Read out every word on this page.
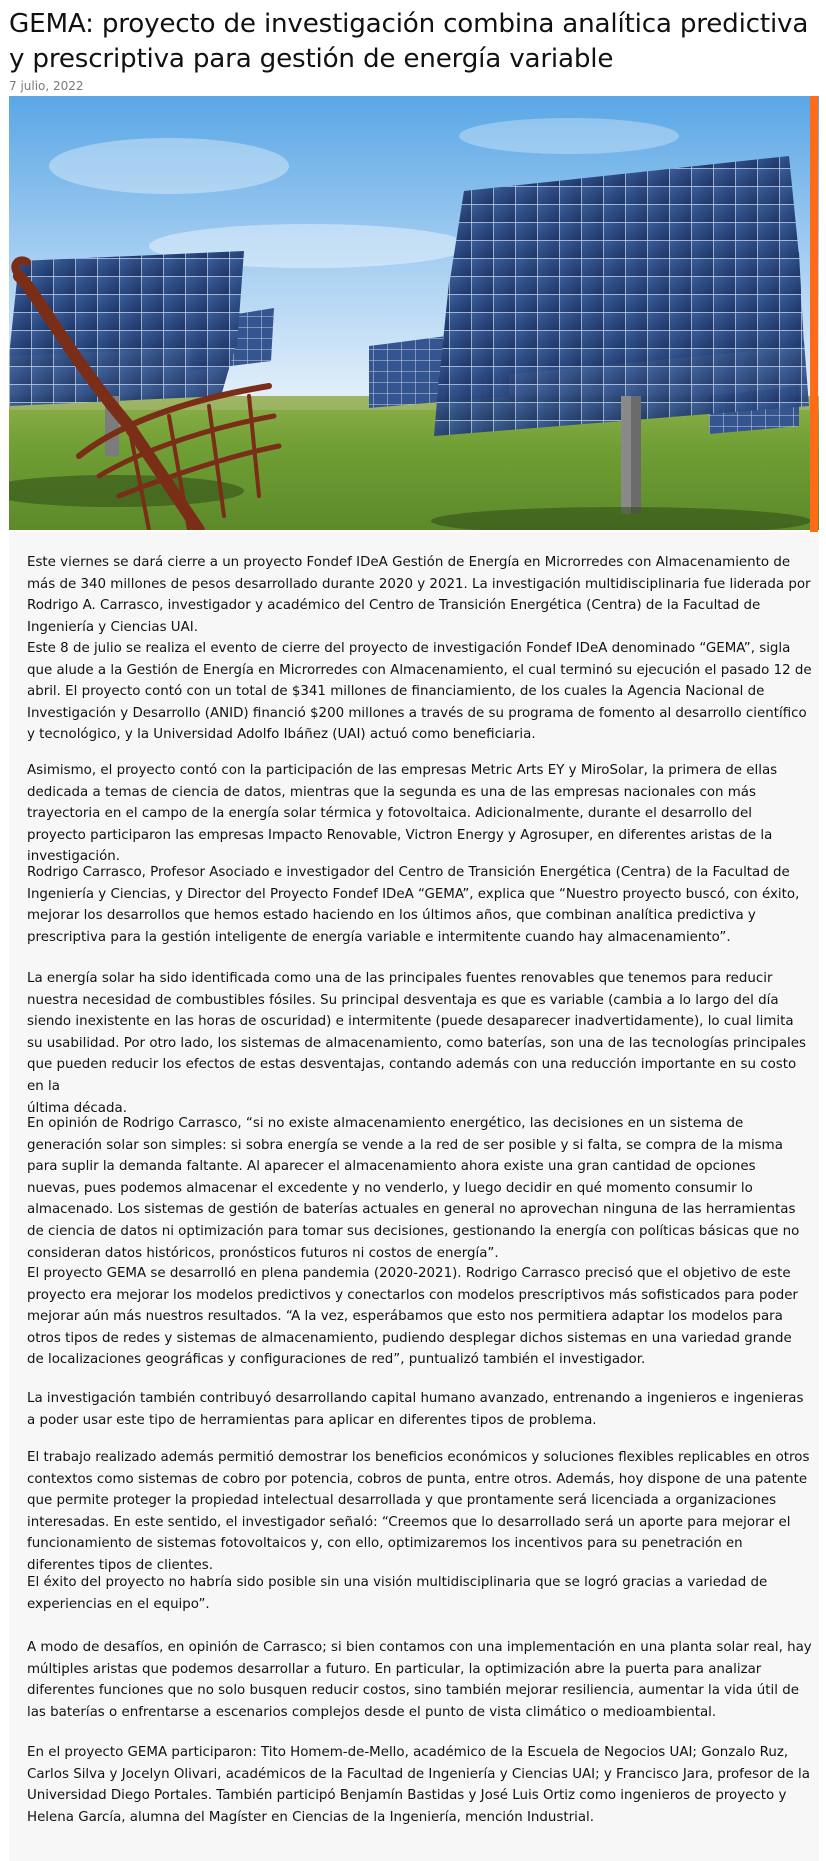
GEMA: proyecto de investigación combina analítica predictiva y prescriptiva para gestión de energía variable
7 julio, 2022

Este viernes se dará cierre a un proyecto Fondef IDeA Gestión de Energía en Microrredes con Almacenamiento de más de 340 millones de pesos desarrollado durante 2020 y 2021. La investigación multidisciplinaria fue liderada por Rodrigo A. Carrasco, investigador y académico del Centro de Transición Energética (Centra) de la Facultad de Ingeniería y Ciencias UAI.

Este 8 de julio se realiza el evento de cierre del proyecto de investigación Fondef IDeA denominado “GEMA”, sigla que alude a la Gestión de Energía en Microrredes con Almacenamiento, el cual terminó su ejecución el pasado 12 de abril. El proyecto contó con un total de $341 millones de financiamiento, de los cuales la Agencia Nacional de Investigación y Desarrollo (ANID) financió $200 millones a través de su programa de fomento al desarrollo científico y tecnológico, y la Universidad Adolfo Ibáñez (UAI) actuó como beneficiaria.

Asimismo, el proyecto contó con la participación de las empresas Metric Arts EY y MiroSolar, la primera de ellas dedicada a temas de ciencia de datos, mientras que la segunda es una de las empresas nacionales con más trayectoria en el campo de la energía solar térmica y fotovoltaica. Adicionalmente, durante el desarrollo del proyecto participaron las empresas Impacto Renovable, Victron Energy y Agrosuper, en diferentes aristas de la investigación.

Rodrigo Carrasco, Profesor Asociado e investigador del Centro de Transición Energética (Centra) de la Facultad de Ingeniería y Ciencias, y Director del Proyecto Fondef IDeA “GEMA”, explica que “Nuestro proyecto buscó, con éxito, mejorar los desarrollos que hemos estado haciendo en los últimos años, que combinan analítica predictiva y prescriptiva para la gestión inteligente de energía variable e intermitente cuando hay almacenamiento”.

La energía solar ha sido identificada como una de las principales fuentes renovables que tenemos para reducir nuestra necesidad de combustibles fósiles. Su principal desventaja es que es variable (cambia a lo largo del día siendo inexistente en las horas de oscuridad) e intermitente (puede desaparecer inadvertidamente), lo cual limita su usabilidad. Por otro lado, los sistemas de almacenamiento, como baterías, son una de las tecnologías principales que pueden reducir los efectos de estas desventajas, contando además con una reducción importante en su costo en la
última década.

En opinión de Rodrigo Carrasco, “si no existe almacenamiento energético, las decisiones en un sistema de generación solar son simples: si sobra energía se vende a la red de ser posible y si falta, se compra de la misma para suplir la demanda faltante. Al aparecer el almacenamiento ahora existe una gran cantidad de opciones nuevas, pues podemos almacenar el excedente y no venderlo, y luego decidir en qué momento consumir lo almacenado. Los sistemas de gestión de baterías actuales en general no aprovechan ninguna de las herramientas de ciencia de datos ni optimización para tomar sus decisiones, gestionando la energía con políticas básicas que no consideran datos históricos, pronósticos futuros ni costos de energía”.

El proyecto GEMA se desarrolló en plena pandemia (2020-2021). Rodrigo Carrasco precisó que el objetivo de este proyecto era mejorar los modelos predictivos y conectarlos con modelos prescriptivos más sofisticados para poder mejorar aún más nuestros resultados. “A la vez, esperábamos que esto nos permitiera adaptar los modelos para otros tipos de redes y sistemas de almacenamiento, pudiendo desplegar dichos sistemas en una variedad grande de localizaciones geográficas y configuraciones de red”, puntualizó también el investigador.

La investigación también contribuyó desarrollando capital humano avanzado, entrenando a ingenieros e ingenieras a poder usar este tipo de herramientas para aplicar en diferentes tipos de problema.

El trabajo realizado además permitió demostrar los beneficios económicos y soluciones flexibles replicables en otros contextos como sistemas de cobro por potencia, cobros de punta, entre otros. Además, hoy dispone de una patente que permite proteger la propiedad intelectual desarrollada y que prontamente será licenciada a organizaciones interesadas. En este sentido, el investigador señaló: “Creemos que lo desarrollado será un aporte para mejorar el funcionamiento de sistemas fotovoltaicos y, con ello, optimizaremos los incentivos para su penetración en diferentes tipos de clientes.

El éxito del proyecto no habría sido posible sin una visión multidisciplinaria que se logró gracias a variedad de experiencias en el equipo”.

A modo de desafíos, en opinión de Carrasco; si bien contamos con una implementación en una planta solar real, hay múltiples aristas que podemos desarrollar a futuro. En particular, la optimización abre la puerta para analizar diferentes funciones que no solo busquen reducir costos, sino también mejorar resiliencia, aumentar la vida útil de las baterías o enfrentarse a escenarios complejos desde el punto de vista climático o medioambiental.

En el proyecto GEMA participaron: Tito Homem-de-Mello, académico de la Escuela de Negocios UAI; Gonzalo Ruz, Carlos Silva y Jocelyn Olivari, académicos de la Facultad de Ingeniería y Ciencias UAI; y Francisco Jara, profesor de la Universidad Diego Portales. También participó Benjamín Bastidas y José Luis Ortiz como ingenieros de proyecto y Helena García, alumna del Magíster en Ciencias de la Ingeniería, mención Industrial.
